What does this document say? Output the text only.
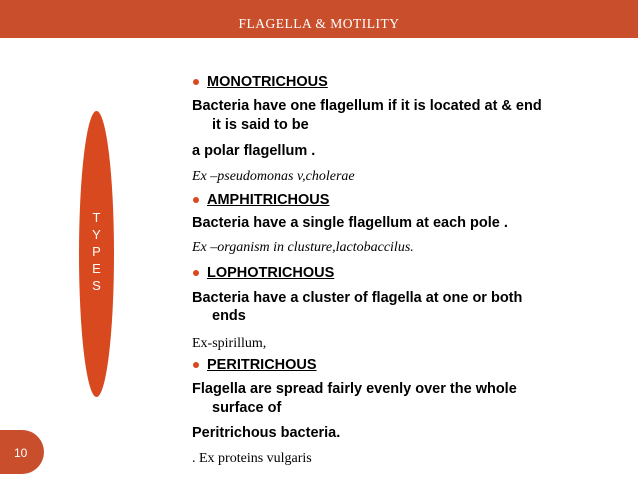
FLAGELLA & MOTILITY
T
Y
P
E
S
10
MONOTRICHOUS
Bacteria have one flagellum if it is located at & end
it is said to be
a polar flagellum .
Ex –pseudomonas v,cholerae
AMPHITRICHOUS
Bacteria have a single flagellum at each pole .
Ex –organism in clusture,lactobaccilus.
LOPHOTRICHOUS
Bacteria have a cluster of flagella at one or both
ends
Ex-spirillum,
PERITRICHOUS
Flagella are spread fairly evenly over the whole
surface of
Peritrichous bacteria.
. Ex proteins vulgaris
